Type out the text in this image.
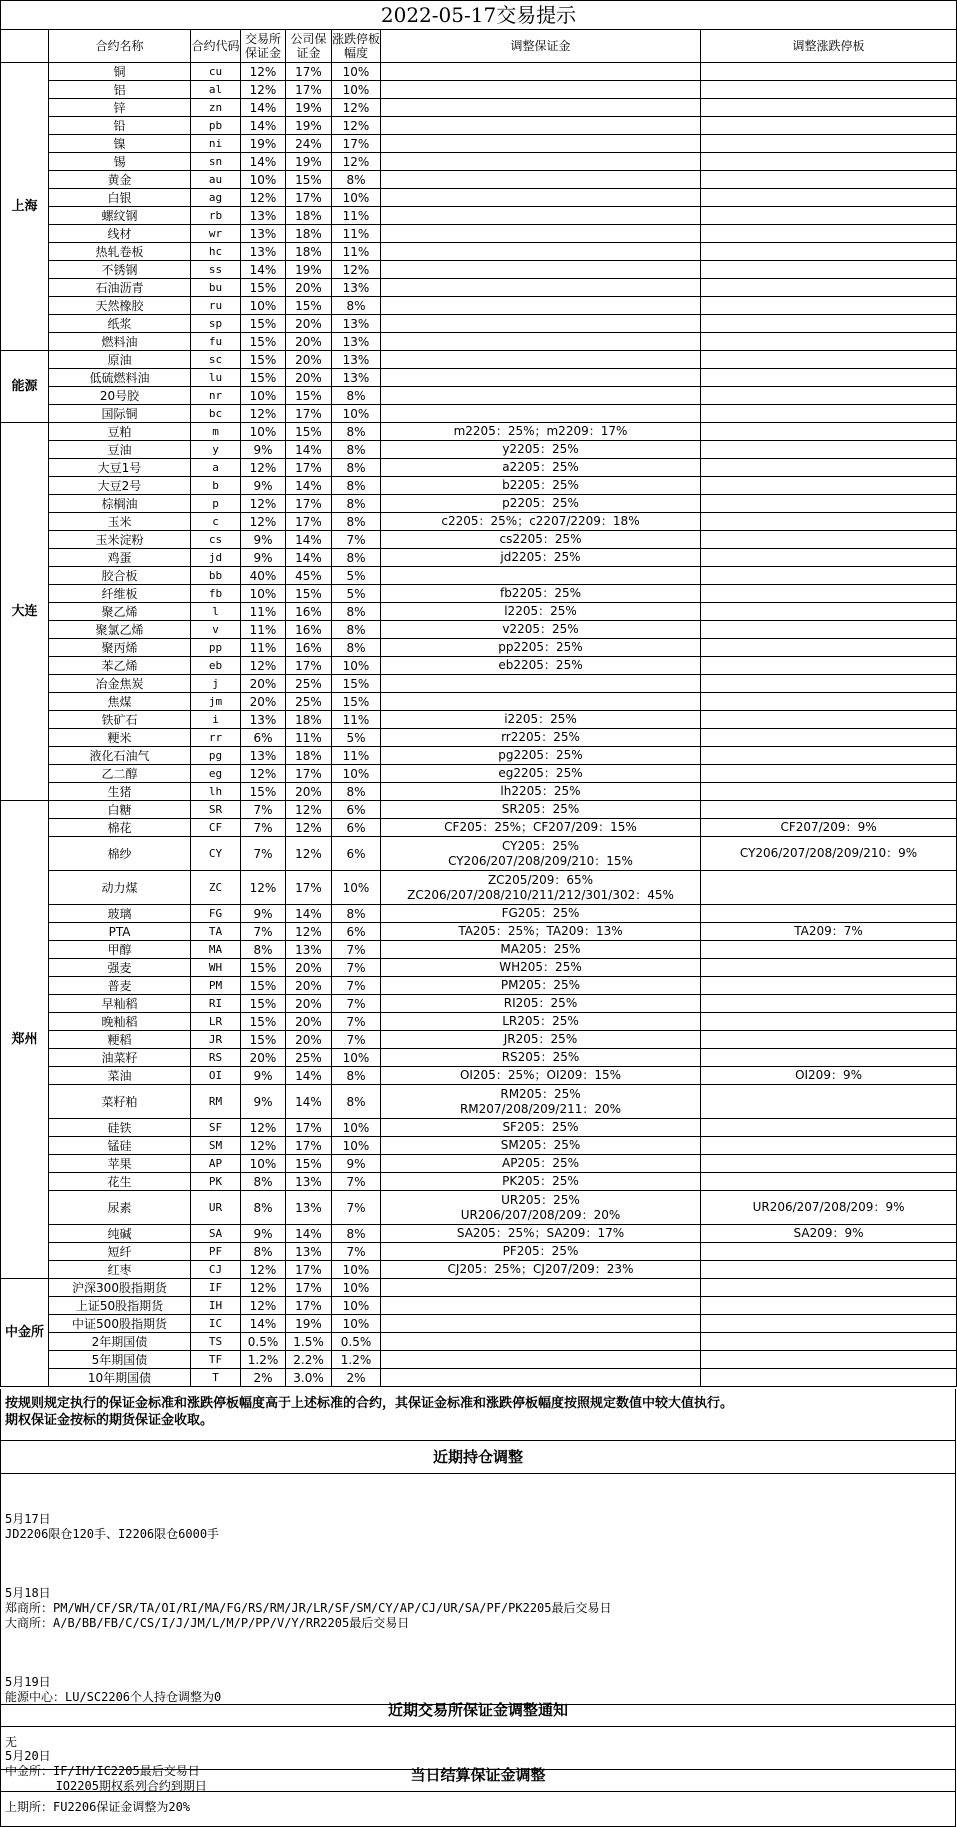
2022-05-17交易提示							
	合约名称	合约代码	交易所保证金	公司保证金	涨跌停板幅度	调整保证金	调整涨跌停板
上海	铜	cu	12%	17%	10%		
	铝	al	12%	17%	10%		
	锌	zn	14%	19%	12%		
	铅	pb	14%	19%	12%		
	镍	ni	19%	24%	17%		
	锡	sn	14%	19%	12%		
	黄金	au	10%	15%	8%		
	白银	ag	12%	17%	10%		
	螺纹钢	rb	13%	18%	11%		
	线材	wr	13%	18%	11%		
	热轧卷板	hc	13%	18%	11%		
	不锈钢	ss	14%	19%	12%		
	石油沥青	bu	15%	20%	13%		
	天然橡胶	ru	10%	15%	8%		
	纸浆	sp	15%	20%	13%		
	燃料油	fu	15%	20%	13%		
能源	原油	sc	15%	20%	13%		
	低硫燃料油	lu	15%	20%	13%		
	20号胶	nr	10%	15%	8%		
	国际铜	bc	12%	17%	10%		
大连	豆粕	m	10%	15%	8%	m2205：25%；m2209：17%	

	豆油	y	9%	14%	8%	y2205：25%	

	大豆1号	a	12%	17%	8%	a2205：25%	

	大豆2号	b	9%	14%	8%	b2205：25%	

	棕榈油	p	12%	17%	8%	p2205：25%	

	玉米	c	12%	17%	8%	c2205：25%；c2207/2209：18%	

	玉米淀粉	cs	9%	14%	7%	cs2205：25%	

	鸡蛋	jd	9%	14%	8%	jd2205：25%	

	胶合板	bb	40%	45%	5%		
	纤维板	fb	10%	15%	5%	fb2205：25%	

	聚乙烯	l	11%	16%	8%	l2205：25%	

	聚氯乙烯	v	11%	16%	8%	v2205：25%	

	聚丙烯	pp	11%	16%	8%	pp2205：25%	

	苯乙烯	eb	12%	17%	10%	eb2205：25%	

	冶金焦炭	j	20%	25%	15%		
	焦煤	jm	20%	25%	15%		
	铁矿石	i	13%	18%	11%	i2205：25%	

	粳米	rr	6%	11%	5%	rr2205：25%	

	液化石油气	pg	13%	18%	11%	pg2205：25%	

	乙二醇	eg	12%	17%	10%	eg2205：25%	

	生猪	lh	15%	20%	8%	lh2205：25%	

郑州	白糖	SR	7%	12%	6%	SR205：25%	

	棉花	CF	7%	12%	6%	CF205：25%；CF207/209：15%	CF207/209：9%
	棉纱	CY	7%	12%	6%	CY205：25%
CY206/207/208/209/210：15%	CY206/207/208/209/210：9%
	动力煤	ZC	12%	17%	10%	ZC205/209：65%
ZC206/207/208/210/211/212/301/302：45%	

	玻璃	FG	9%	14%	8%	FG205：25%	

	PTA	TA	7%	12%	6%	TA205：25%；TA209：13%	TA209：7%
	甲醇	MA	8%	13%	7%	MA205：25%	

	强麦	WH	15%	20%	7%	WH205：25%	

	普麦	PM	15%	20%	7%	PM205：25%	

	早籼稻	RI	15%	20%	7%	RI205：25%	

	晚籼稻	LR	15%	20%	7%	LR205：25%	

	粳稻	JR	15%	20%	7%	JR205：25%	

	油菜籽	RS	20%	25%	10%	RS205：25%	

	菜油	OI	9%	14%	8%	OI205：25%；OI209：15%	OI209：9%
	菜籽粕	RM	9%	14%	8%	RM205：25%
RM207/208/209/211：20%	

	硅铁	SF	12%	17%	10%	SF205：25%	

	锰硅	SM	12%	17%	10%	SM205：25%	

	苹果	AP	10%	15%	9%	AP205：25%	

	花生	PK	8%	13%	7%	PK205：25%	

	尿素	UR	8%	13%	7%	UR205：25%
UR206/207/208/209：20%	UR206/207/208/209：9%
	纯碱	SA	9%	14%	8%	SA205：25%；SA209：17%	SA209：9%
	短纤	PF	8%	13%	7%	PF205：25%	

	红枣	CJ	12%	17%	10%	CJ205：25%；CJ207/209：23%	

中金所	沪深300股指期货	IF	12%	17%	10%		
	上证50股指期货	IH	12%	17%	10%		
	中证500股指期货	IC	14%	19%	10%		
	2年期国债	TS	0.5%	1.5%	0.5%		
	5年期国债	TF	1.2%	2.2%	1.2%		
	10年期国债	T	2%	3.0%	2%		
按规则规定执行的保证金标准和涨跌停板幅度高于上述标准的合约，其保证金标准和涨跌停板幅度按照规定数值中较大值执行。
期权保证金按标的期货保证金收取。
近期持仓调整

5月17日
JD2206限仓120手、I2206限仓6000手

5月18日
郑商所：PM/WH/CF/SR/TA/OI/RI/MA/FG/RS/RM/JR/LR/SF/SM/CY/AP/CJ/UR/SA/PF/PK2205最后交易日
大商所：A/B/BB/FB/C/CS/I/J/JM/L/M/P/PP/V/Y/RR2205最后交易日

5月19日
能源中心：LU/SC2206个人持仓调整为0

5月20日
中金所：IF/IH/IC2205最后交易日
IO2205期权系列合约到期日

近期交易所保证金调整通知
无
当日结算保证金调整
上期所：FU2206保证金调整为20%
